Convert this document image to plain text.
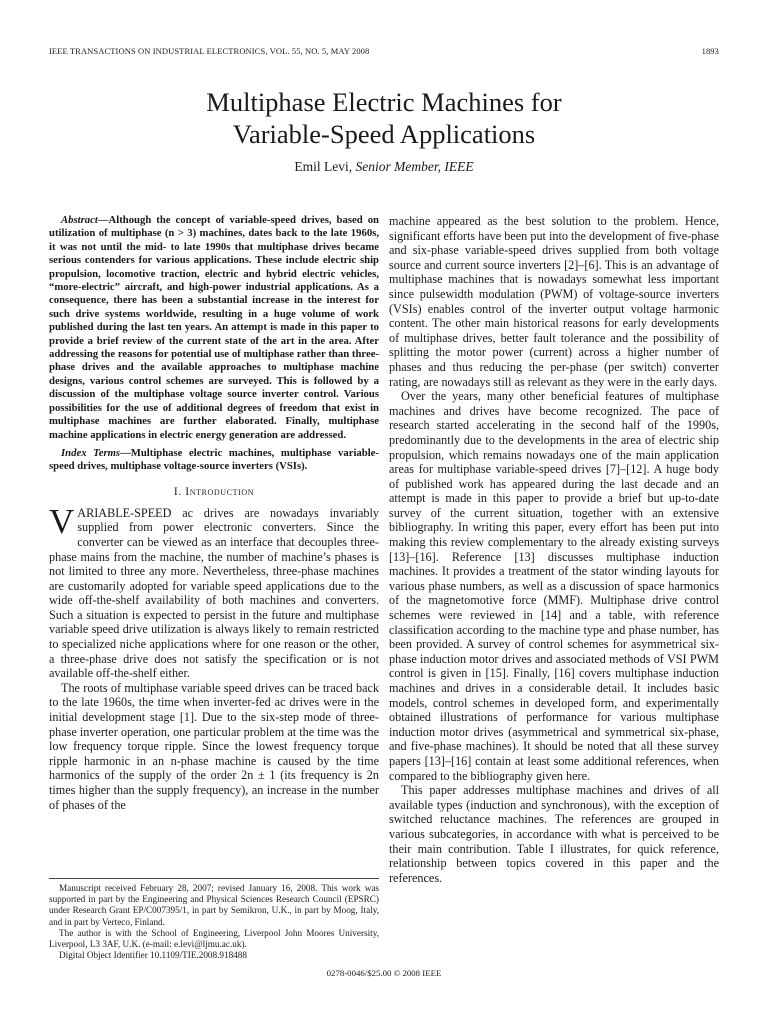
IEEE TRANSACTIONS ON INDUSTRIAL ELECTRONICS, VOL. 55, NO. 5, MAY 2008	1893
Multiphase Electric Machines for
Variable-Speed Applications
Emil Levi, Senior Member, IEEE

Abstract—Although the concept of variable-speed drives, based on utilization of multiphase (n > 3) machines, dates back to the late 1960s, it was not until the mid- to late 1990s that multiphase drives became serious contenders for various applications. These include electric ship propulsion, locomotive traction, electric and hybrid electric vehicles, “more-electric” aircraft, and high-power industrial applications. As a consequence, there has been a substantial increase in the interest for such drive systems worldwide, resulting in a huge volume of work published during the last ten years. An attempt is made in this paper to provide a brief review of the current state of the art in the area. After addressing the reasons for potential use of multiphase rather than three-phase drives and the available approaches to multiphase machine designs, various control schemes are surveyed. This is followed by a discussion of the multiphase voltage source inverter control. Various possibilities for the use of additional degrees of freedom that exist in multiphase machines are further elaborated. Finally, multiphase machine applications in electric energy generation are addressed.

Index Terms—Multiphase electric machines, multiphase variable-speed drives, multiphase voltage-source inverters (VSIs).

I. Introduction

VARIABLE-SPEED ac drives are nowadays invariably supplied from power electronic converters. Since the converter can be viewed as an interface that decouples three-phase mains from the machine, the number of machine’s phases is not limited to three any more. Nevertheless, three-phase machines are customarily adopted for variable speed applications due to the wide off-the-shelf availability of both machines and converters. Such a situation is expected to persist in the future and multiphase variable speed drive utilization is always likely to remain restricted to specialized niche applications where for one reason or the other, a three-phase drive does not satisfy the specification or is not available off-the-shelf either.

The roots of multiphase variable speed drives can be traced back to the late 1960s, the time when inverter-fed ac drives were in the initial development stage [1]. Due to the six-step mode of three-phase inverter operation, one particular problem at the time was the low frequency torque ripple. Since the lowest frequency torque ripple harmonic in an n-phase machine is caused by the time harmonics of the supply of the order 2n ± 1 (its frequency is 2n times higher than the supply frequency), an increase in the number of phases of the

machine appeared as the best solution to the problem. Hence, significant efforts have been put into the development of five-phase and six-phase variable-speed drives supplied from both voltage source and current source inverters [2]–[6]. This is an advantage of multiphase machines that is nowadays somewhat less important since pulsewidth modulation (PWM) of voltage-source inverters (VSIs) enables control of the inverter output voltage harmonic content. The other main historical reasons for early developments of multiphase drives, better fault tolerance and the possibility of splitting the motor power (current) across a higher number of phases and thus reducing the per-phase (per switch) converter rating, are nowadays still as relevant as they were in the early days.

Over the years, many other beneficial features of multiphase machines and drives have become recognized. The pace of research started accelerating in the second half of the 1990s, predominantly due to the developments in the area of electric ship propulsion, which remains nowadays one of the main application areas for multiphase variable-speed drives [7]–[12]. A huge body of published work has appeared during the last decade and an attempt is made in this paper to provide a brief but up-to-date survey of the current situation, together with an extensive bibliography. In writing this paper, every effort has been put into making this review complementary to the already existing surveys [13]–[16]. Reference [13] discusses multiphase induction machines. It provides a treatment of the stator winding layouts for various phase numbers, as well as a discussion of space harmonics of the magnetomotive force (MMF). Multiphase drive control schemes were reviewed in [14] and a table, with reference classification according to the machine type and phase number, has been provided. A survey of control schemes for asymmetrical six-phase induction motor drives and associated methods of VSI PWM control is given in [15]. Finally, [16] covers multiphase induction machines and drives in a considerable detail. It includes basic models, control schemes in developed form, and experimentally obtained illustrations of performance for various multiphase induction motor drives (asymmetrical and symmetrical six-phase, and five-phase machines). It should be noted that all these survey papers [13]–[16] contain at least some additional references, when compared to the bibliography given here.

This paper addresses multiphase machines and drives of all available types (induction and synchronous), with the exception of switched reluctance machines. The references are grouped in various subcategories, in accordance with what is perceived to be their main contribution. Table I illustrates, for quick reference, relationship between topics covered in this paper and the references.

Manuscript received February 28, 2007; revised January 16, 2008. This work was supported in part by the Engineering and Physical Sciences Research Council (EPSRC) under Research Grant EP/C007395/1, in part by Semikron, U.K., in part by Moog, Italy, and in part by Verteco, Finland.

The author is with the School of Engineering, Liverpool John Moores University, Liverpool, L3 3AF, U.K. (e-mail: e.levi@ljmu.ac.uk).

Digital Object Identifier 10.1109/TIE.2008.918488

0278-0046/$25.00 © 2008 IEEE
